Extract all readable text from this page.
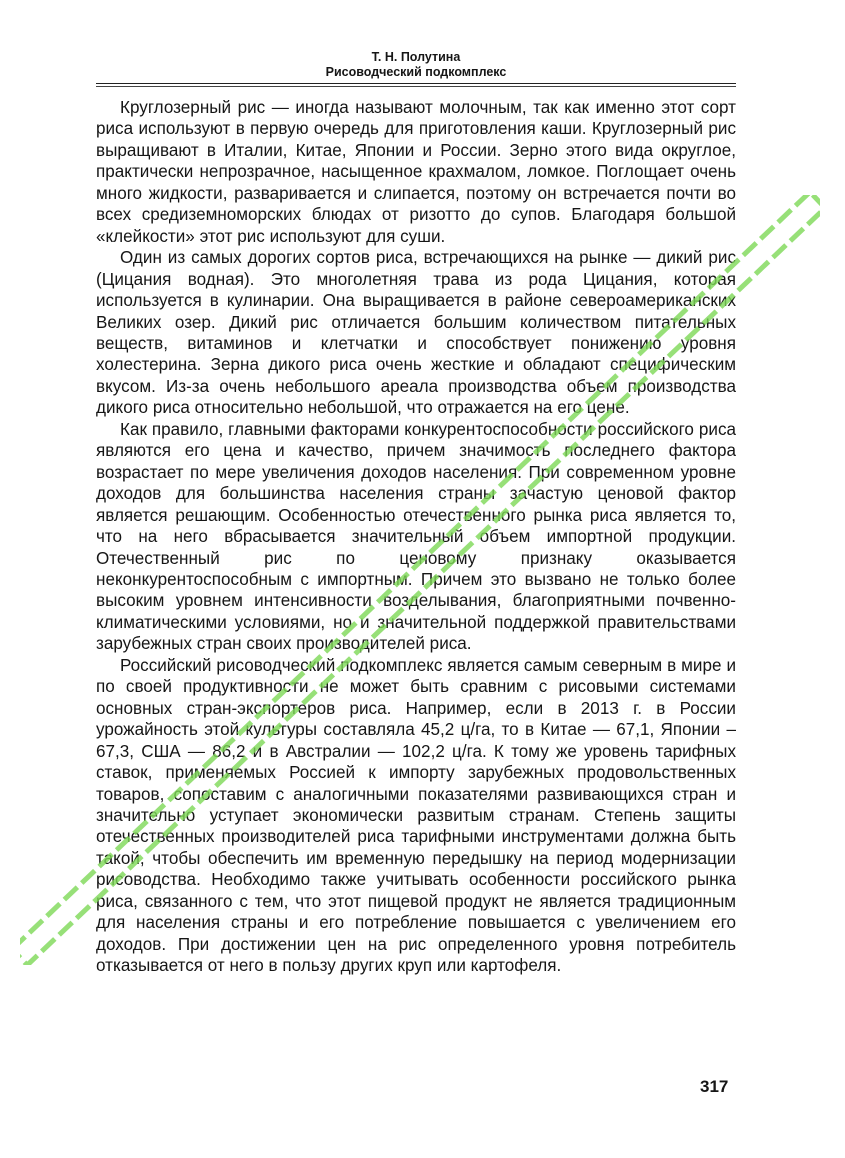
Т. Н. Полутина
Рисоводческий подкомплекс

Круглозерный рис — иногда называют молочным, так как именно этот сорт риса используют в первую очередь для приготовления каши. Круглозерный рис выращивают в Италии, Китае, Японии и России. Зерно этого вида округлое, практически непрозрачное, насыщенное крахмалом, ломкое. Поглощает очень много жидкости, разваривается и слипается, поэтому он встречается почти во всех средиземноморских блюдах от ризотто до супов. Благодаря большой «клейкости» этот рис используют для суши.

Один из самых дорогих сортов риса, встречающихся на рынке — дикий рис (Цицания водная). Это многолетняя трава из рода Цицания, которая используется в кулинарии. Она выращивается в районе североамериканских Великих озер. Дикий рис отличается большим количеством питательных веществ, витаминов и клетчатки и способствует понижению уровня холестерина. Зерна дикого риса очень жесткие и обладают специфическим вкусом. Из-за очень небольшого ареала производства объем производства дикого риса относительно небольшой, что отражается на его цене.

Как правило, главными факторами конкурентоспособности российского риса являются его цена и качество, причем значимость последнего фактора возрастает по мере увеличения доходов населения. При современном уровне доходов для большинства населения страны зачастую ценовой фактор является решающим. Особенностью отечественного рынка риса является то, что на него вбрасывается значительный объем импортной продукции. Отечественный рис по ценовому признаку оказывается неконкурентоспособным с импортным. Причем это вызвано не только более высоким уровнем интенсивности возделывания, благоприятными почвенно-климатическими условиями, но и значительной поддержкой правительствами зарубежных стран своих производителей риса.

Российский рисоводческий подкомплекс является самым северным в мире и по своей продуктивности не может быть сравним с рисовыми системами основных стран-экспортеров риса. Например, если в 2013 г. в России урожайность этой культуры составляла 45,2 ц/га, то в Китае — 67,1, Японии – 67,3, США — 86,2 и в Австралии — 102,2 ц/га. К тому же уровень тарифных ставок, применяемых Россией к импорту зарубежных продовольственных товаров, сопоставим с аналогичными показателями развивающихся стран и значительно уступает экономически развитым странам. Степень защиты отечественных производителей риса тарифными инструментами должна быть такой, чтобы обеспечить им временную передышку на период модернизации рисоводства. Необходимо также учитывать особенности российского рынка риса, связанного с тем, что этот пищевой продукт не является традиционным для населения страны и его потребление повышается с увеличением его доходов. При достижении цен на рис определенного уровня потребитель отказывается от него в пользу других круп или картофеля.

317
